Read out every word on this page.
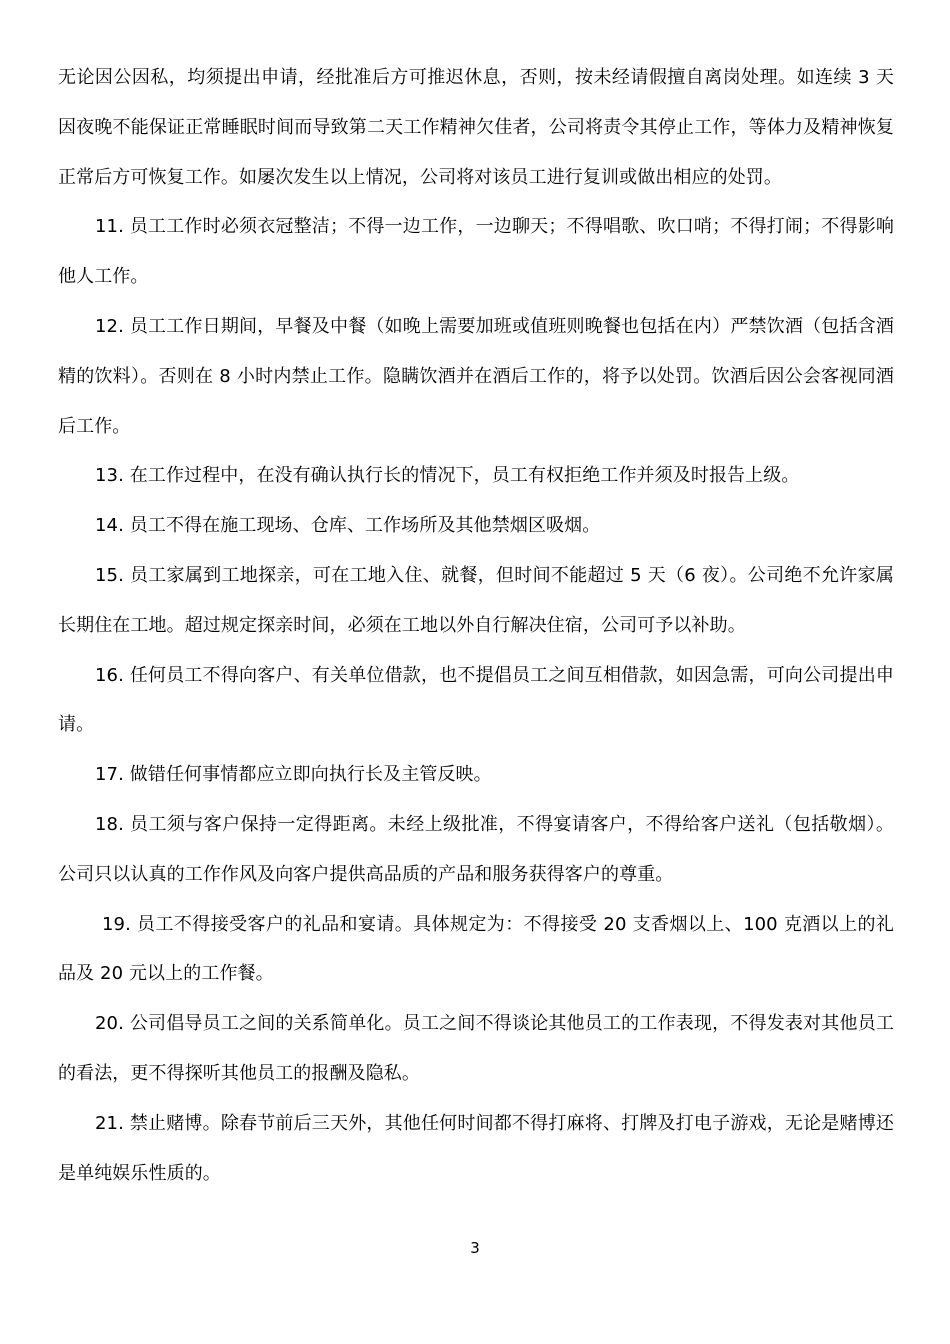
无论因公因私，均须提出申请，经批准后方可推迟休息，否则，按未经请假擅自离岗处理。如连续 3 天因夜晚不能保证正常睡眠时间而导致第二天工作精神欠佳者，公司将责令其停止工作，等体力及精神恢复正常后方可恢复工作。如屡次发生以上情况，公司将对该员工进行复训或做出相应的处罚。

11. 员工工作时必须衣冠整洁；不得一边工作，一边聊天；不得唱歌、吹口哨；不得打闹；不得影响他人工作。

12. 员工工作日期间，早餐及中餐（如晚上需要加班或值班则晚餐也包括在内）严禁饮酒（包括含酒精的饮料）。否则在 8 小时内禁止工作。隐瞒饮酒并在酒后工作的，将予以处罚。饮酒后因公会客视同酒后工作。

13. 在工作过程中，在没有确认执行长的情况下，员工有权拒绝工作并须及时报告上级。

14. 员工不得在施工现场、仓库、工作场所及其他禁烟区吸烟。

15. 员工家属到工地探亲，可在工地入住、就餐，但时间不能超过 5 天（6 夜）。公司绝不允许家属长期住在工地。超过规定探亲时间，必须在工地以外自行解决住宿，公司可予以补助。

16. 任何员工不得向客户、有关单位借款，也不提倡员工之间互相借款，如因急需，可向公司提出申请。

17. 做错任何事情都应立即向执行长及主管反映。

18. 员工须与客户保持一定得距离。未经上级批准，不得宴请客户，不得给客户送礼（包括敬烟）。公司只以认真的工作作风及向客户提供高品质的产品和服务获得客户的尊重。

19. 员工不得接受客户的礼品和宴请。具体规定为：不得接受 20 支香烟以上、100 克酒以上的礼品及 20 元以上的工作餐。

20. 公司倡导员工之间的关系简单化。员工之间不得谈论其他员工的工作表现，不得发表对其他员工的看法，更不得探听其他员工的报酬及隐私。

21. 禁止赌博。除春节前后三天外，其他任何时间都不得打麻将、打牌及打电子游戏，无论是赌博还是单纯娱乐性质的。

3
